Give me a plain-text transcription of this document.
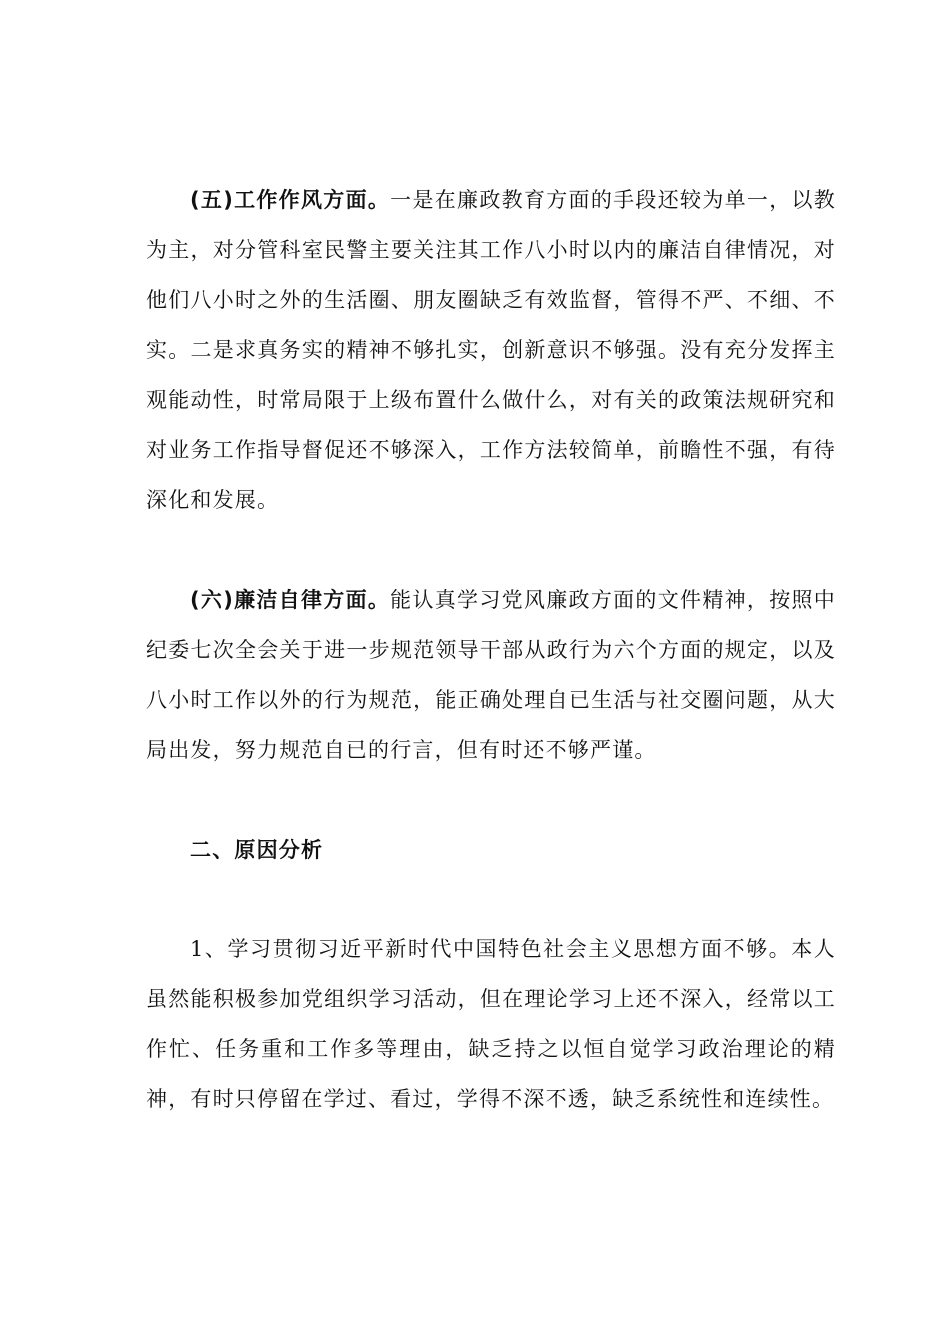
(五)工作作风方面。一是在廉政教育方面的手段还较为单一，以教为主，对分管科室民警主要关注其工作八小时以内的廉洁自律情况，对他们八小时之外的生活圈、朋友圈缺乏有效监督，管得不严、不细、不实。二是求真务实的精神不够扎实，创新意识不够强。没有充分发挥主观能动性，时常局限于上级布置什么做什么，对有关的政策法规研究和对业务工作指导督促还不够深入，工作方法较简单，前瞻性不强，有待深化和发展。

(六)廉洁自律方面。能认真学习党风廉政方面的文件精神，按照中纪委七次全会关于进一步规范领导干部从政行为六个方面的规定，以及八小时工作以外的行为规范，能正确处理自已生活与社交圈问题，从大局出发，努力规范自已的行言，但有时还不够严谨。

二、原因分析

1、学习贯彻习近平新时代中国特色社会主义思想方面不够。本人虽然能积极参加党组织学习活动，但在理论学习上还不深入，经常以工作忙、任务重和工作多等理由，缺乏持之以恒自觉学习政治理论的精神，有时只停留在学过、看过，学得不深不透，缺乏系统性和连续性。
